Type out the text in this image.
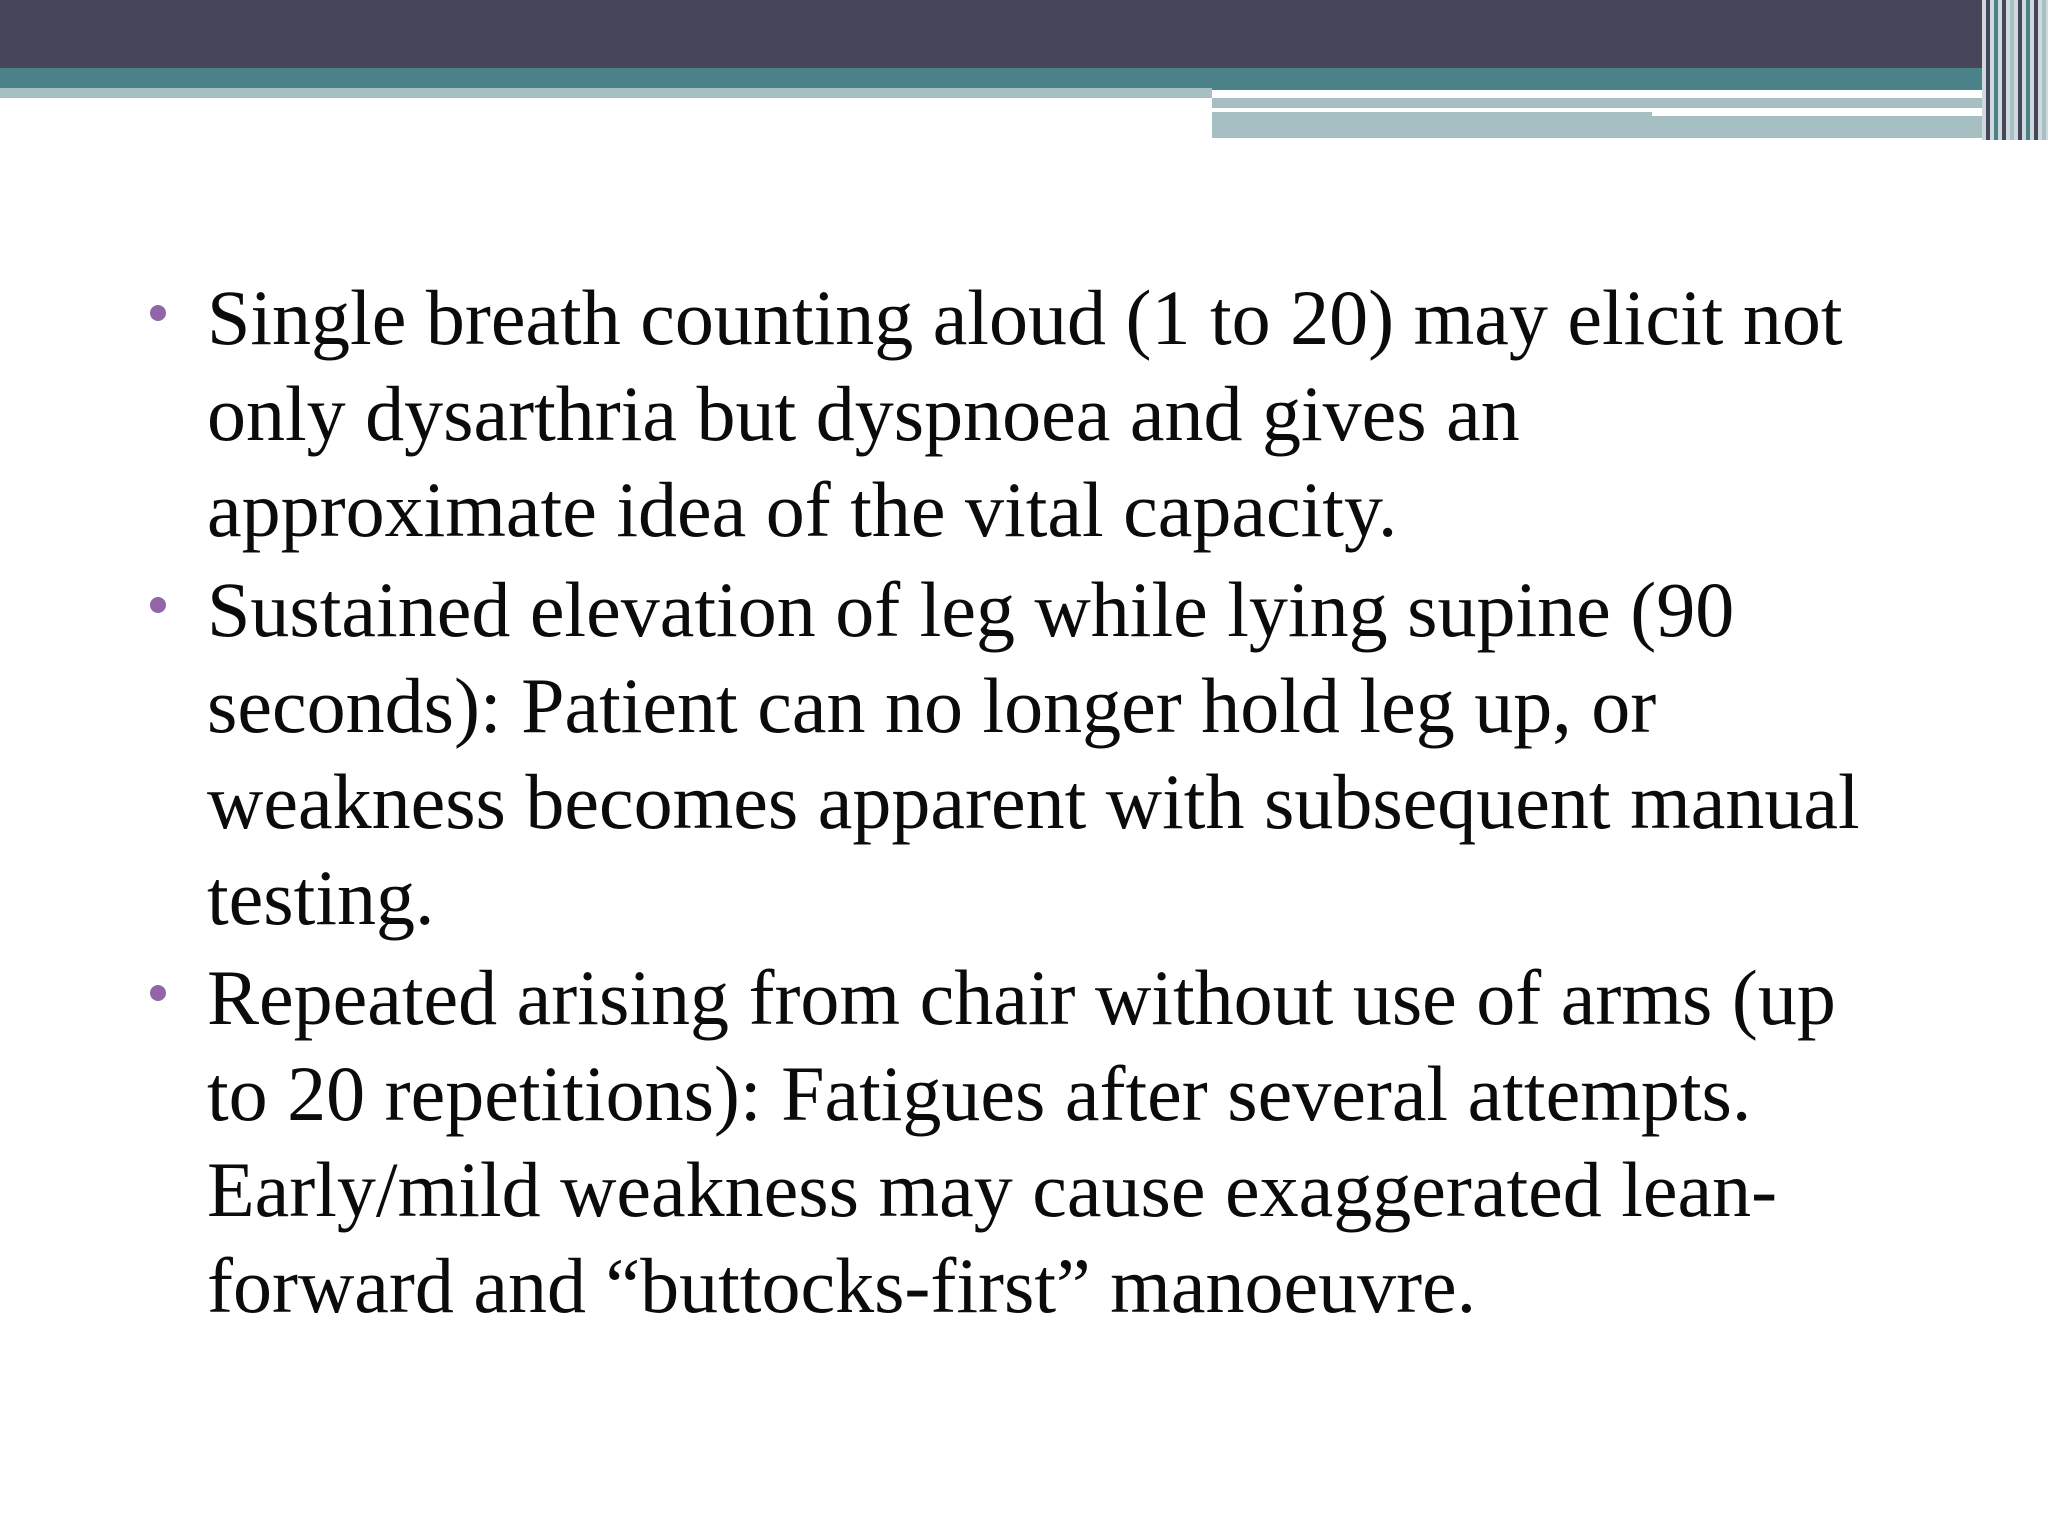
Single breath counting aloud (1 to 20) may elicit not only dysarthria but dyspnoea and gives an approximate idea of the vital capacity.
Sustained elevation of leg while lying supine (90 seconds): Patient can no longer hold leg up, or weakness becomes apparent with subsequent manual testing.
Repeated arising from chair without use of arms (up to 20 repetitions): Fatigues after several attempts. Early/mild weakness may cause exaggerated lean-forward and “buttocks-first” manoeuvre.
